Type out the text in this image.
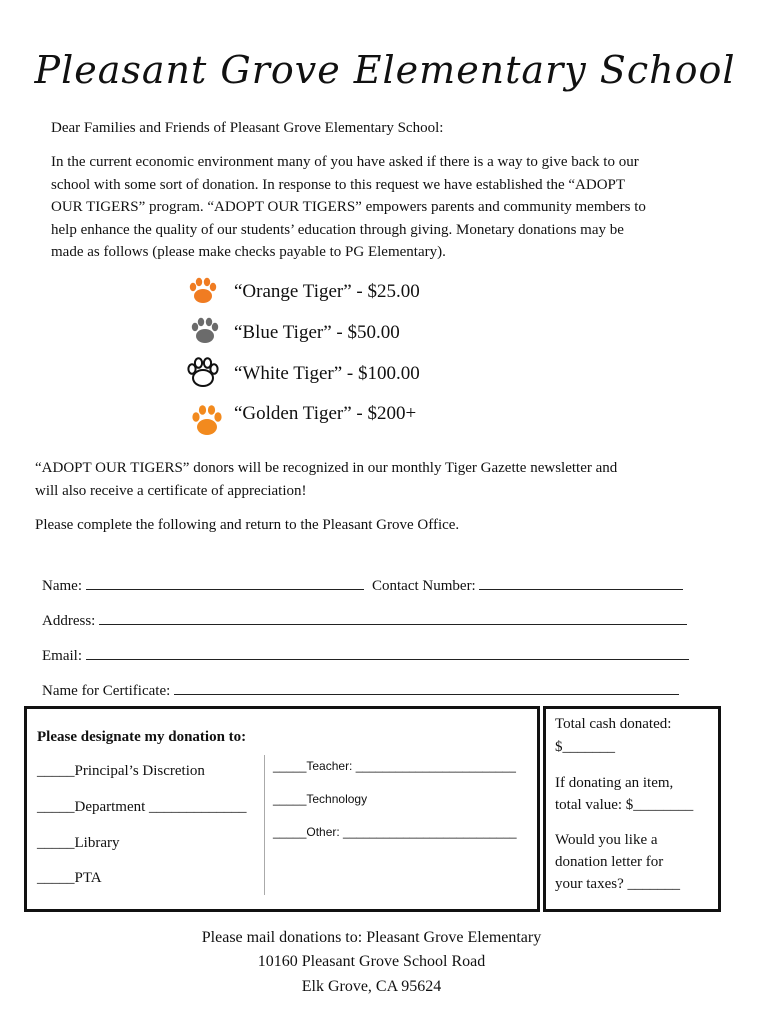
Pleasant Grove Elementary School
Dear Families and Friends of Pleasant Grove Elementary School:
In the current economic environment many of you have asked if there is a way to give back to our
school with some sort of donation. In response to this request we have established the “ADOPT
OUR TIGERS” program. “ADOPT OUR TIGERS” empowers parents and community members to
help enhance the quality of our students’ education through giving. Monetary donations may be
made as follows (please make checks payable to PG Elementary).
“Orange Tiger” - $25.00
“Blue Tiger” - $50.00
“White Tiger” - $100.00
“Golden Tiger” - $200+
“ADOPT OUR TIGERS” donors will be recognized in our monthly Tiger Gazette newsletter and
will also receive a certificate of appreciation!
Please complete the following and return to the Pleasant Grove Office.
Name:	Contact Number:
Address:
Email:
Name for Certificate:
Please designate my donation to:
_____Principal’s Discretion
_____Department _____________
_____Library
_____PTA
_____Teacher: ________________________
_____Technology
_____Other: __________________________
Total cash donated:
$_______
If donating an item,
total value: $________
Would you like a
donation letter for
your taxes? _______
Please mail donations to: Pleasant Grove Elementary
10160 Pleasant Grove School Road
Elk Grove, CA 95624
